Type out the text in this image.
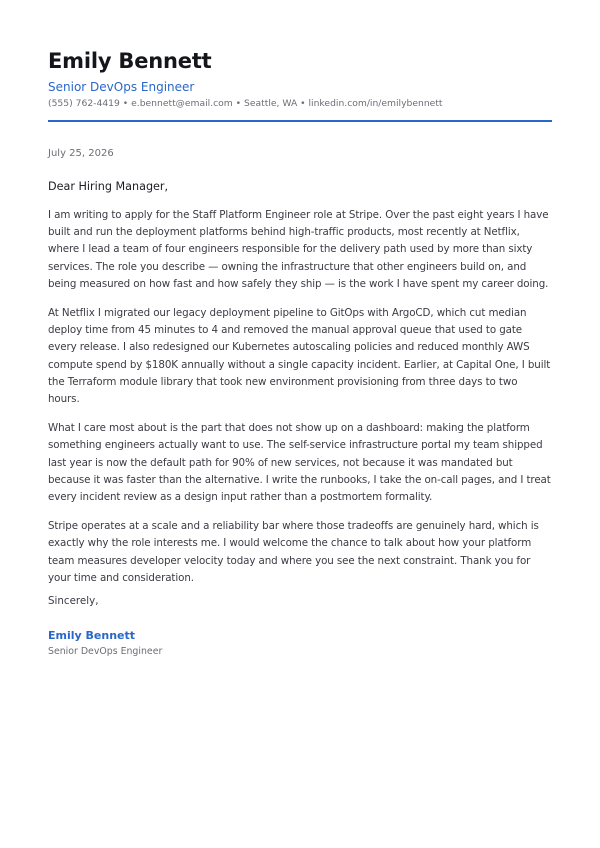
Emily Bennett
Senior DevOps Engineer
(555) 762-4419 • e.bennett@email.com • Seattle, WA • linkedin.com/in/emilybennett
July 25, 2026
Dear Hiring Manager,

I am writing to apply for the Staff Platform Engineer role at Stripe. Over the past eight years I have built and run the deployment platforms behind high-traffic products, most recently at Netflix, where I lead a team of four engineers responsible for the delivery path used by more than sixty services. The role you describe — owning the infrastructure that other engineers build on, and being measured on how fast and how safely they ship — is the work I have spent my career doing.

At Netflix I migrated our legacy deployment pipeline to GitOps with ArgoCD, which cut median deploy time from 45 minutes to 4 and removed the manual approval queue that used to gate every release. I also redesigned our Kubernetes autoscaling policies and reduced monthly AWS compute spend by $180K annually without a single capacity incident. Earlier, at Capital One, I built the Terraform module library that took new environment provisioning from three days to two hours.

What I care most about is the part that does not show up on a dashboard: making the platform something engineers actually want to use. The self-service infrastructure portal my team shipped last year is now the default path for 90% of new services, not because it was mandated but because it was faster than the alternative. I write the runbooks, I take the on-call pages, and I treat every incident review as a design input rather than a postmortem formality.

Stripe operates at a scale and a reliability bar where those tradeoffs are genuinely hard, which is exactly why the role interests me. I would welcome the chance to talk about how your platform team measures developer velocity today and where you see the next constraint. Thank you for your time and consideration.

Sincerely,
Emily Bennett
Senior DevOps Engineer
